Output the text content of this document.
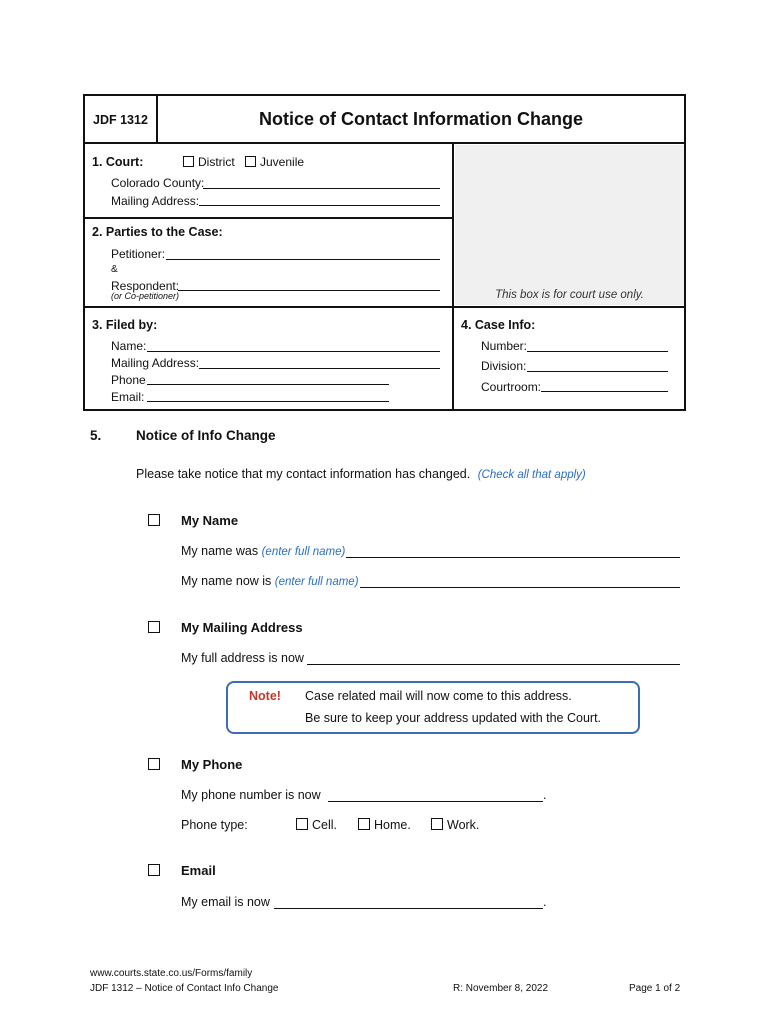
This box is for court use only.
JDF 1312	Notice of Contact Information Change
1. Court:	District	Juvenile
Colorado County:
Mailing Address:
2. Parties to the Case:
Petitioner:
&
Respondent:
(or Co-petitioner)
3. Filed by:
Name:
Mailing Address:
Phone
Email:
4. Case Info:
Number:
Division:
Courtroom:
5.	Notice of Info Change
Please take notice that my contact information has changed. (Check all that apply)
My Name
My name was (enter full name)
My name now is (enter full name)
My Mailing Address
My full address is now
Note! Case related mail will now come to this address.
Be sure to keep your address updated with the Court.
My Phone
My phone number is now	.
Phone type:	Cell.	Home.	Work.
Email
My email is now	.
www.courts.state.co.us/Forms/family
JDF 1312 – Notice of Contact Info Change	R: November 8, 2022	Page 1 of 2
